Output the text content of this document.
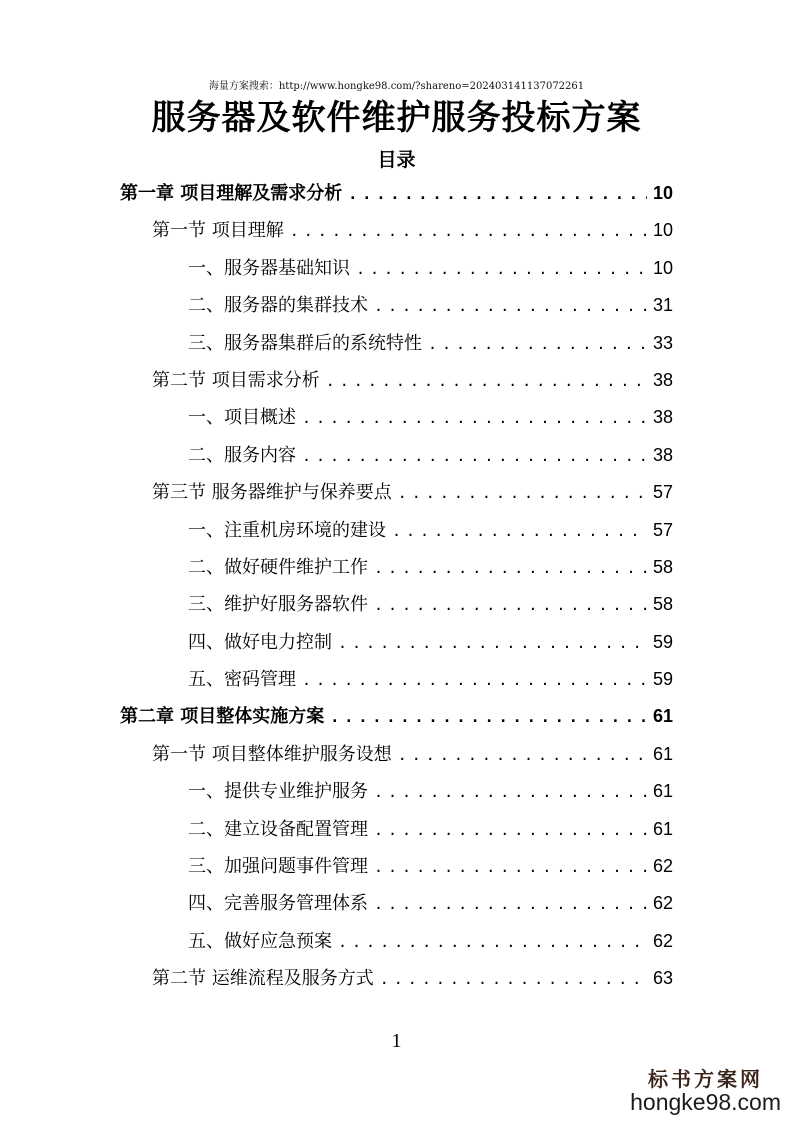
海量方案搜索：http://www.hongke98.com/?shareno=20240314113707​2261
服务器及软件维护服务投标方案
目录
第一章 项目理解及需求分析 .....	10
第一节 项目理解 .....	10
一、服务器基础知识 .....	10
二、服务器的集群技术 .....	31
三、服务器集群后的系统特性 .....	33
第二节 项目需求分析 .....	38
一、项目概述 .....	38
二、服务内容 .....	38
第三节 服务器维护与保养要点 .....	57
一、注重机房环境的建设 .....	57
二、做好硬件维护工作 .....	58
三、维护好服务器软件 .....	58
四、做好电力控制 .....	59
五、密码管理 .....	59
第二章 项目整体实施方案 .....	61
第一节 项目整体维护服务设想 .....	61
一、提供专业维护服务 .....	61
二、建立设备配置管理 .....	61
三、加强问题事件管理 .....	62
四、完善服务管理体系 .....	62
五、做好应急预案 .....	62
第二节 运维流程及服务方式 .....	63
1
标书方案网
hongke98.com
